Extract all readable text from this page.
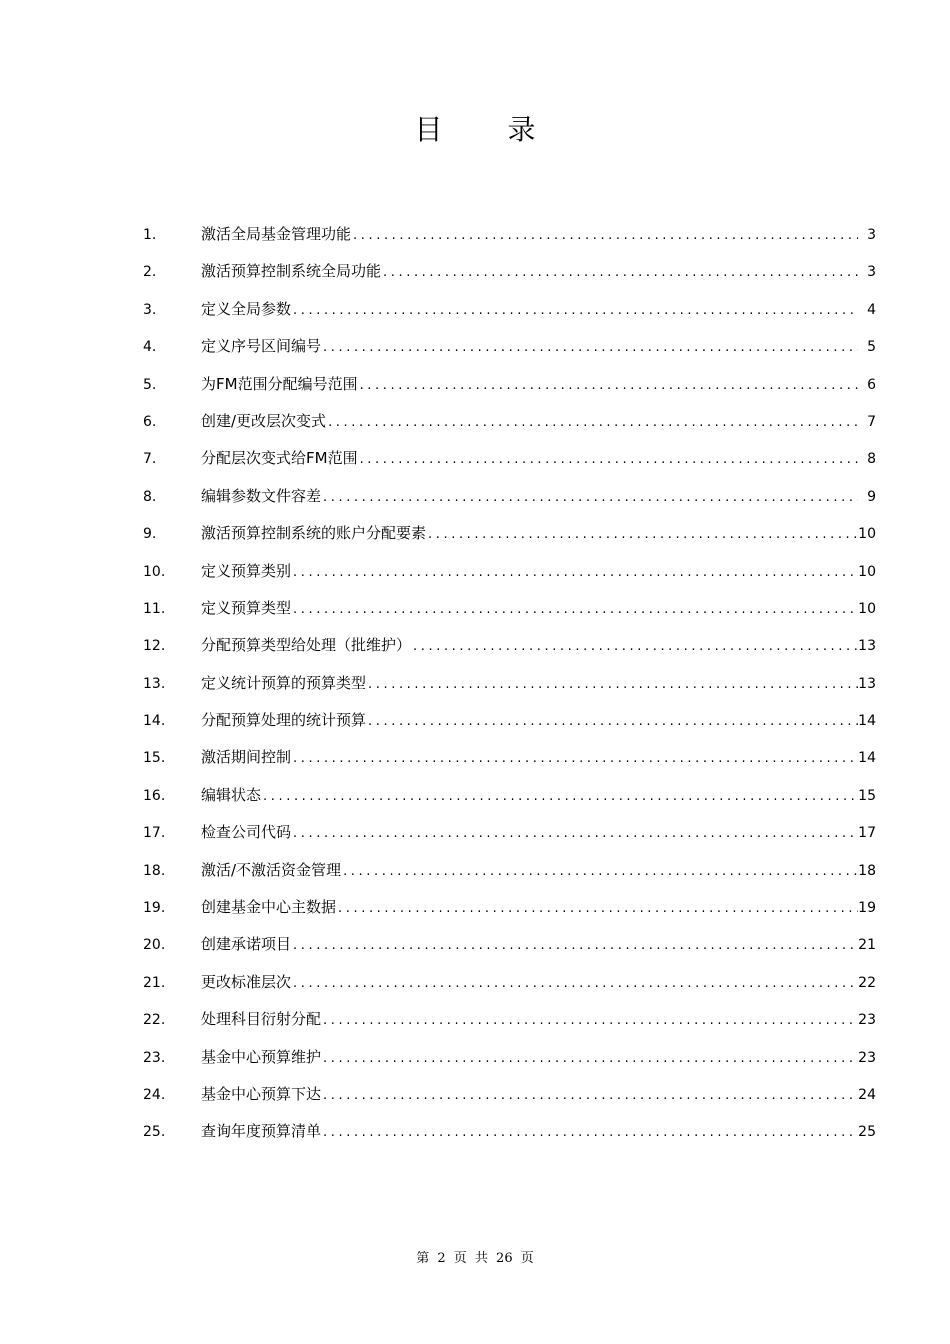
目 录
1.	激活全局基金管理功能 .....	3
2.	激活预算控制系统全局功能 .....	3
3.	定义全局参数 .....	4
4.	定义序号区间编号 .....	5
5.	为FM范围分配编号范围 .....	6
6.	创建/更改层次变式 .....	7
7.	分配层次变式给FM范围 .....	8
8.	编辑参数文件容差 .....	9
9.	激活预算控制系统的账户分配要素 .....	10
10.	定义预算类别 .....	10
11.	定义预算类型 .....	10
12.	分配预算类型给处理（批维护） .....	13
13.	定义统计预算的预算类型 .....	13
14.	分配预算处理的统计预算 .....	14
15.	激活期间控制 .....	14
16.	编辑状态 .....	15
17.	检查公司代码 .....	17
18.	激活/不激活资金管理 .....	18
19.	创建基金中心主数据 .....	19
20.	创建承诺项目 .....	21
21.	更改标准层次 .....	22
22.	处理科目衍射分配 .....	23
23.	基金中心预算维护 .....	23
24.	基金中心预算下达 .....	24
25.	查询年度预算清单 .....	25
第 2 页 共 26 页
